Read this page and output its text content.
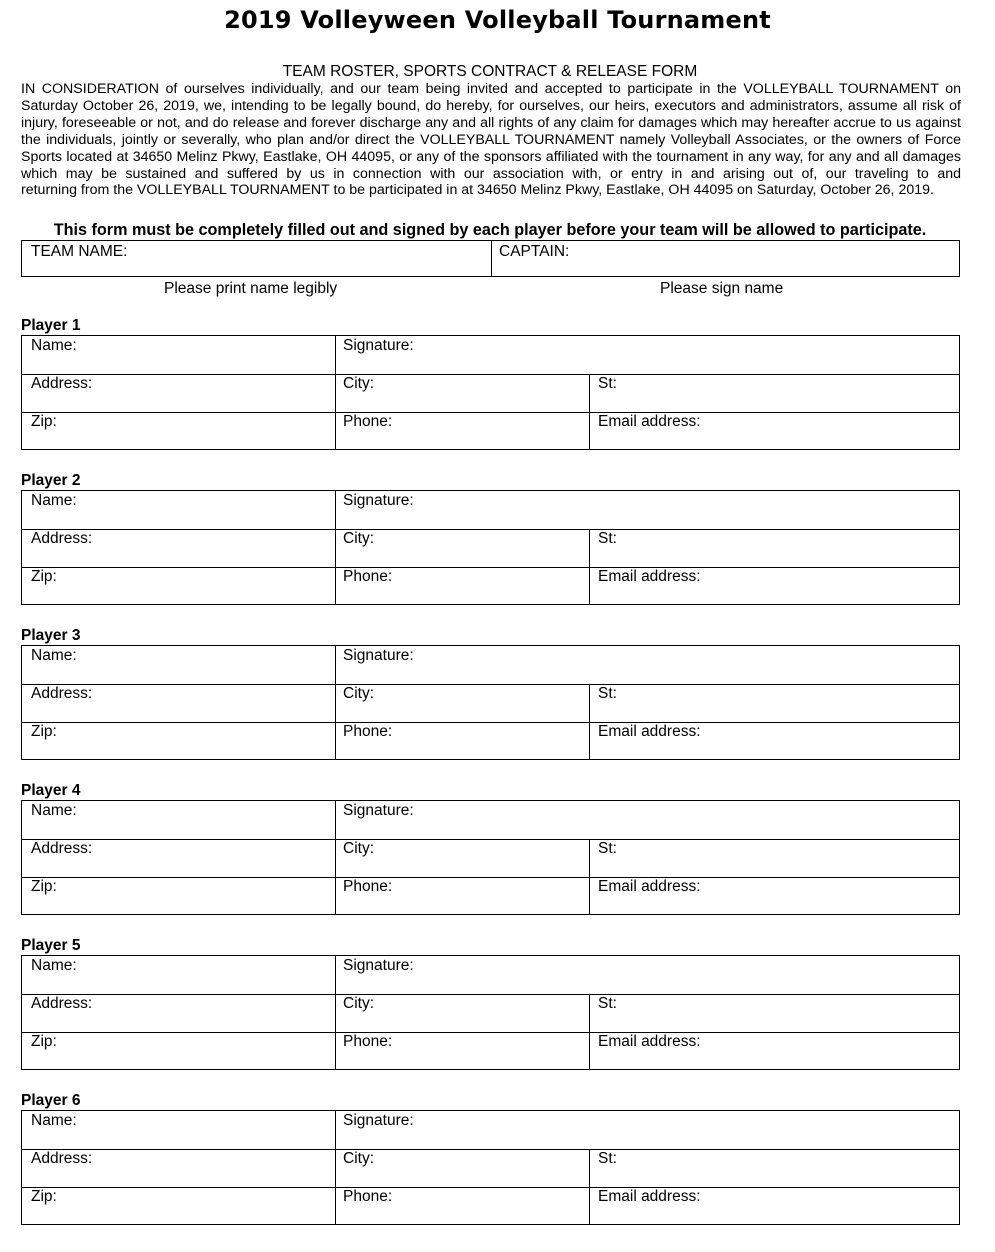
2019 Volleyween Volleyball Tournament
TEAM ROSTER, SPORTS CONTRACT & RELEASE FORM
IN CONSIDERATION of ourselves individually, and our team being invited and accepted to participate in the VOLLEYBALL TOURNAMENT on Saturday October 26, 2019, we, intending to be legally bound, do hereby, for ourselves, our heirs, executors and administrators, assume all risk of injury, foreseeable or not, and do release and forever discharge any and all rights of any claim for damages which may hereafter accrue to us against the individuals, jointly or severally, who plan and/or direct the VOLLEYBALL TOURNAMENT namely Volleyball Associates, or the owners of Force Sports located at 34650 Melinz Pkwy, Eastlake, OH 44095, or any of the sponsors affiliated with the tournament in any way, for any and all damages which may be sustained and suffered by us in connection with our association with, or entry in and arising out of, our traveling to and
returning from the VOLLEYBALL TOURNAMENT to be participated in at 34650 Melinz Pkwy, Eastlake, OH 44095 on Saturday, October 26, 2019.
This form must be completely filled out and signed by each player before your team will be allowed to participate.
TEAM NAME:	CAPTAIN:
Please print name legibly	Please sign name
Player 1
Name:	Signature:
Address:	City:	St:
Zip:	Phone:	Email address:
Player 2
Name:	Signature:
Address:	City:	St:
Zip:	Phone:	Email address:
Player 3
Name:	Signature:
Address:	City:	St:
Zip:	Phone:	Email address:
Player 4
Name:	Signature:
Address:	City:	St:
Zip:	Phone:	Email address:
Player 5
Name:	Signature:
Address:	City:	St:
Zip:	Phone:	Email address:
Player 6
Name:	Signature:
Address:	City:	St:
Zip:	Phone:	Email address:
